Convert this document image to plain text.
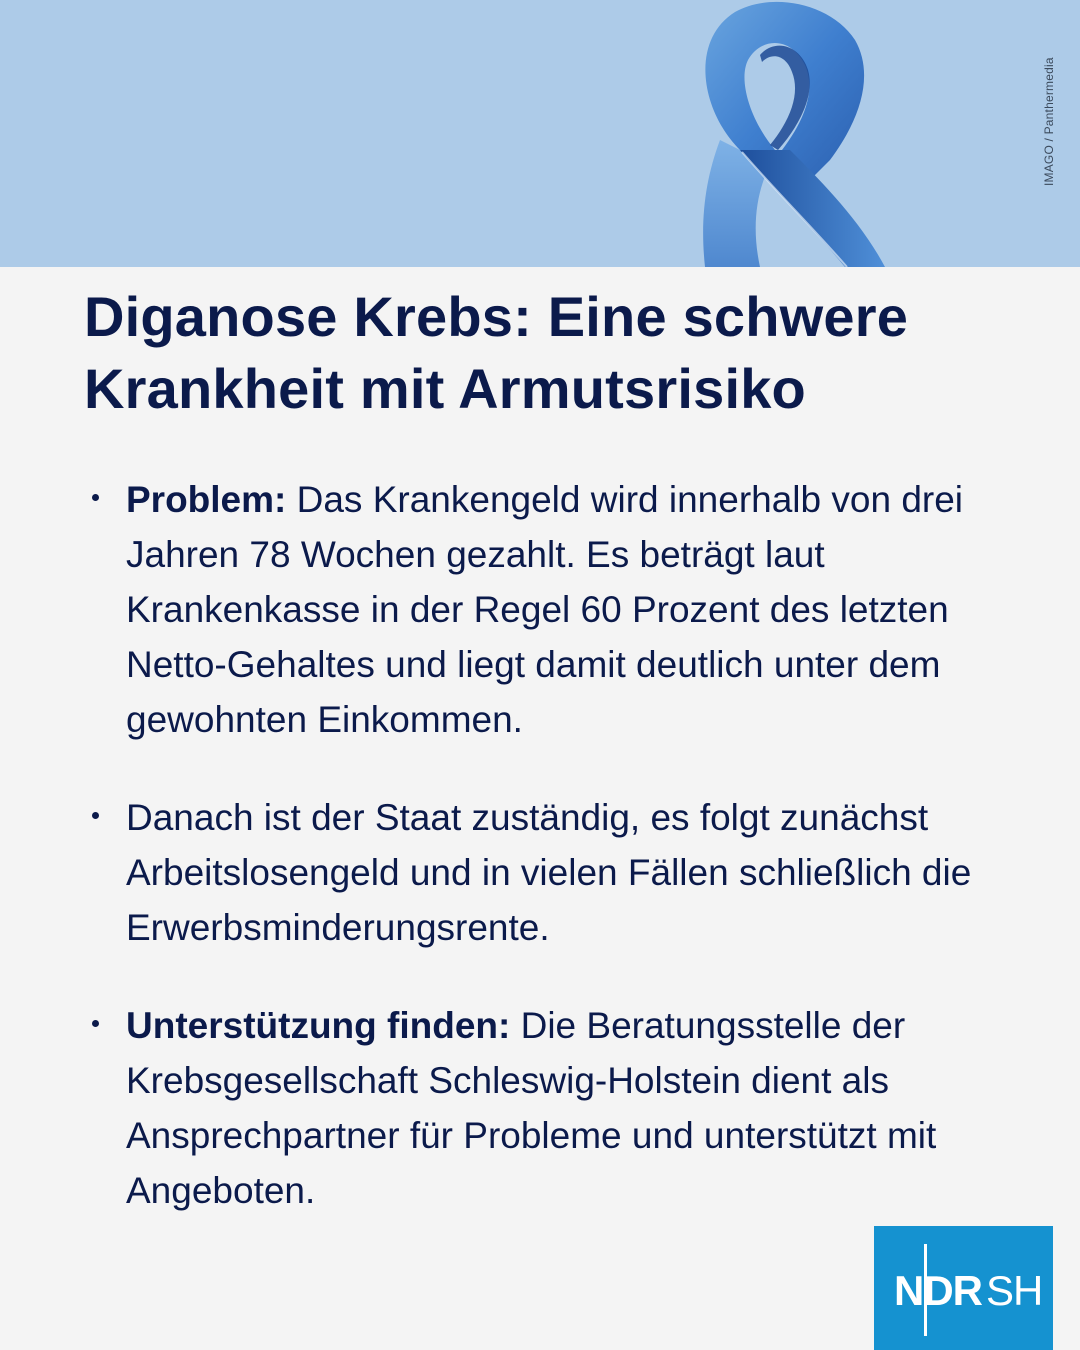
IMAGO / Panthermedia
Diganose Krebs: Eine schwere Krankheit mit Armutsrisiko
Problem: Das Krankengeld wird innerhalb von drei Jahren 78 Wochen gezahlt. Es beträgt laut Krankenkasse in der Regel 60 Prozent des letzten Netto-Gehaltes und liegt damit deutlich unter dem gewohnten Einkommen.
Danach ist der Staat zuständig, es folgt zunächst Arbeitslosengeld und in vielen Fällen schließlich die Erwerbsminderungsrente.
Unterstützung finden: Die Beratungsstelle der Krebsgesellschaft Schleswig-Holstein dient als Ansprechpartner für Probleme und unterstützt mit Angeboten.
NDR SH
